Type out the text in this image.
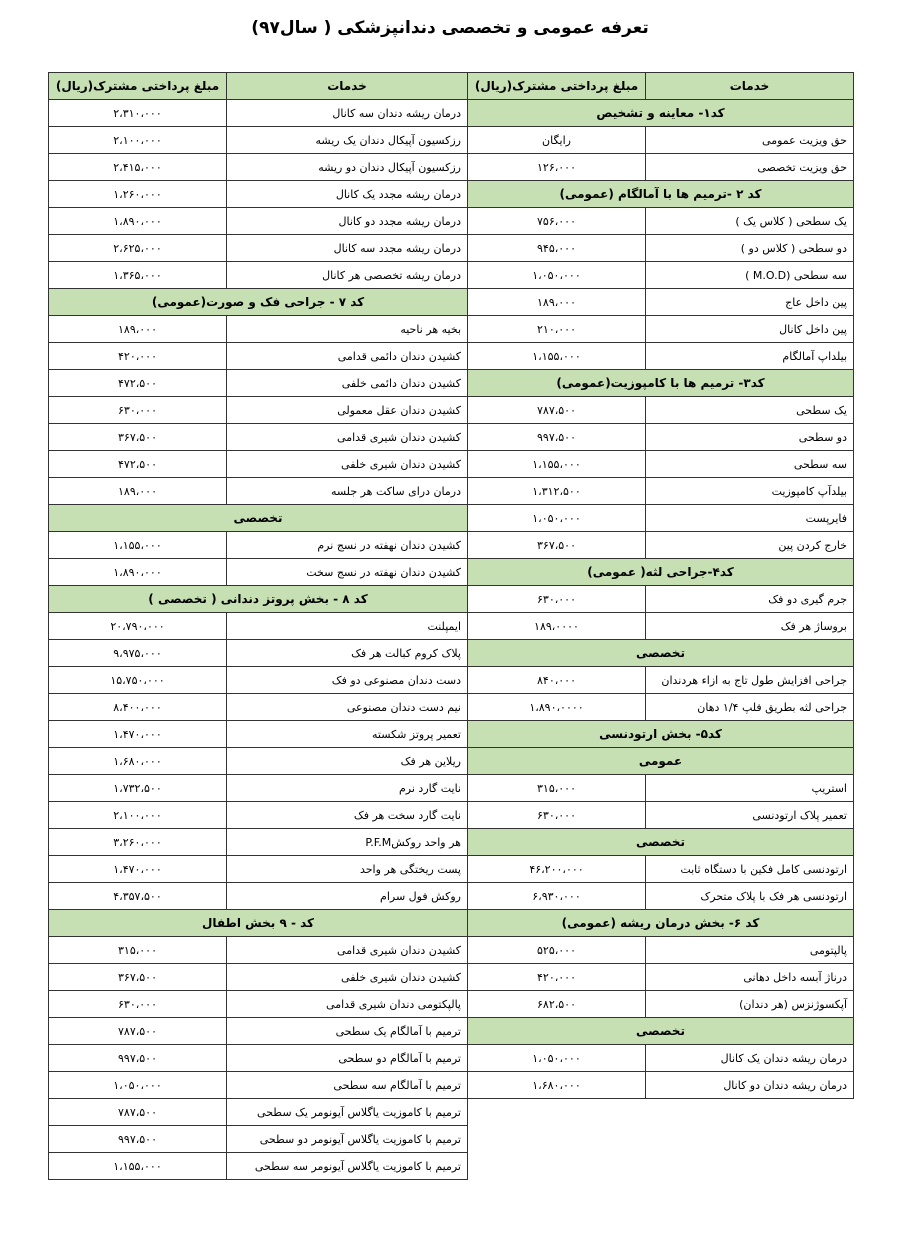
تعرفه عمومی و تخصصی دندانپزشکی ( سال۹۷)
خدمات	مبلغ پرداختی مشترک(ریال)
کد۱- معاینه و تشخیص	
حق ویزیت عمومی	رایگان
حق ویزیت تخصصی	۱۲۶،۰۰۰
کد ۲ -ترمیم ها با آمالگام (عمومی)	

یک سطحی ( کلاس یک )	۷۵۶،۰۰۰
دو سطحی ( کلاس دو )	۹۴۵،۰۰۰
سه سطحی (M.O.D )	۱،۰۵۰،۰۰۰
پین داخل عاج	۱۸۹،۰۰۰
پین داخل کانال	۲۱۰،۰۰۰
بیلداپ آمالگام	۱،۱۵۵،۰۰۰
کد۳- ترمیم ها با کامپوزیت(عمومی)	

یک سطحی	۷۸۷،۵۰۰
دو سطحی	۹۹۷،۵۰۰
سه سطحی	۱،۱۵۵،۰۰۰
بیلدآپ کامپوزیت	۱،۳۱۲،۵۰۰
فایرپست	۱،۰۵۰،۰۰۰
خارج کردن پین	۳۶۷،۵۰۰
کد۴-جراحی لثه( عمومی)	

جرم گیری دو فک	۶۳۰،۰۰۰
بروساژ هر فک	۱۸۹،۰۰۰۰
تخصصی	
جراحی افزایش طول تاج به ازاء هردندان	۸۴۰،۰۰۰
جراحی لثه بطریق فلپ ۱/۴ دهان	۱،۸۹۰،۰۰۰۰
کد۵- بخش ارتودنسی	
عمومی	
استریپ	۳۱۵،۰۰۰
تعمیر پلاک ارتودنسی	۶۳۰،۰۰۰
تخصصی	
ارتودنسی کامل فکین با دستگاه ثابت	۴۶،۲۰۰،۰۰۰
ارتودنسی هر فک با پلاک متحرک	۶،۹۳۰،۰۰۰
کد ۶- بخش درمان ریشه (عمومی)	

پالپتومی	۵۲۵،۰۰۰
درناژ آبسه داخل دهانی	۴۲۰،۰۰۰
آپکسوژنزس (هر دندان)	۶۸۲،۵۰۰
تخصصی	
درمان ریشه دندان یک کانال	۱،۰۵۰،۰۰۰
درمان ریشه دندان دو کانال	۱،۶۸۰،۰۰۰
خدمات	مبلغ پرداختی مشترک(ریال)
درمان ریشه دندان سه کانال	۲،۳۱۰،۰۰۰
رزکسیون آپیکال دندان یک ریشه	۲،۱۰۰،۰۰۰
رزکسیون آپیکال دندان دو ریشه	۲،۴۱۵،۰۰۰
درمان ریشه مجدد یک کانال	۱،۲۶۰،۰۰۰
درمان ریشه مجدد دو کانال	۱،۸۹۰،۰۰۰
درمان ریشه مجدد سه کانال	۲،۶۲۵،۰۰۰
درمان ریشه تخصصی هر کانال	۱،۳۶۵،۰۰۰
کد ۷ - جراحی فک و صورت(عمومی)	

بخیه هر ناحیه	۱۸۹،۰۰۰
کشیدن دندان دائمی قدامی	۴۲۰،۰۰۰
کشیدن دندان دائمی خلفی	۴۷۲،۵۰۰
کشیدن دندان عقل معمولی	۶۳۰،۰۰۰
کشیدن دندان شیری قدامی	۳۶۷،۵۰۰
کشیدن دندان شیری خلفی	۴۷۲،۵۰۰
درمان درای ساکت هر جلسه	۱۸۹،۰۰۰
تخصصی	
کشیدن دندان نهفته در نسج نرم	۱،۱۵۵،۰۰۰
کشیدن دندان نهفته در نسج سخت	۱،۸۹۰،۰۰۰
کد ۸ - بخش پروتز دندانی ( تخصصی )	
ایمپلنت	۲۰،۷۹۰،۰۰۰
پلاک کروم کبالت هر فک	۹،۹۷۵،۰۰۰
دست دندان مصنوعی دو فک	۱۵،۷۵۰،۰۰۰
نیم دست دندان مصنوعی	۸،۴۰۰،۰۰۰
تعمیر پروتز شکسته	۱،۴۷۰،۰۰۰
ریلاین هر فک	۱،۶۸۰،۰۰۰
نایت گارد نرم	۱،۷۳۲،۵۰۰
نایت گارد سخت هر فک	۲،۱۰۰،۰۰۰
هر واحد روکشP.F.M	۳،۲۶۰،۰۰۰
پست ریختگی هر واحد	۱،۴۷۰،۰۰۰
روکش فول سرام	۴،۳۵۷،۵۰۰
کد - ۹ بخش اطفال	
کشیدن دندان شیری قدامی	۳۱۵،۰۰۰
کشیدن دندان شیری خلفی	۳۶۷،۵۰۰
پالپکتومی دندان شیری قدامی	۶۳۰،۰۰۰
ترمیم با آمالگام یک سطحی	۷۸۷،۵۰۰
ترمیم با آمالگام دو سطحی	۹۹۷،۵۰۰
ترمیم با آمالگام سه سطحی	۱،۰۵۰،۰۰۰
ترمیم با کاموزیت یاگلاس آیونومر یک سطحی	۷۸۷،۵۰۰
ترمیم با کاموزیت یاگلاس آیونومر دو سطحی	۹۹۷،۵۰۰
ترمیم با کاموزیت یاگلاس آیونومر سه سطحی	۱،۱۵۵،۰۰۰
